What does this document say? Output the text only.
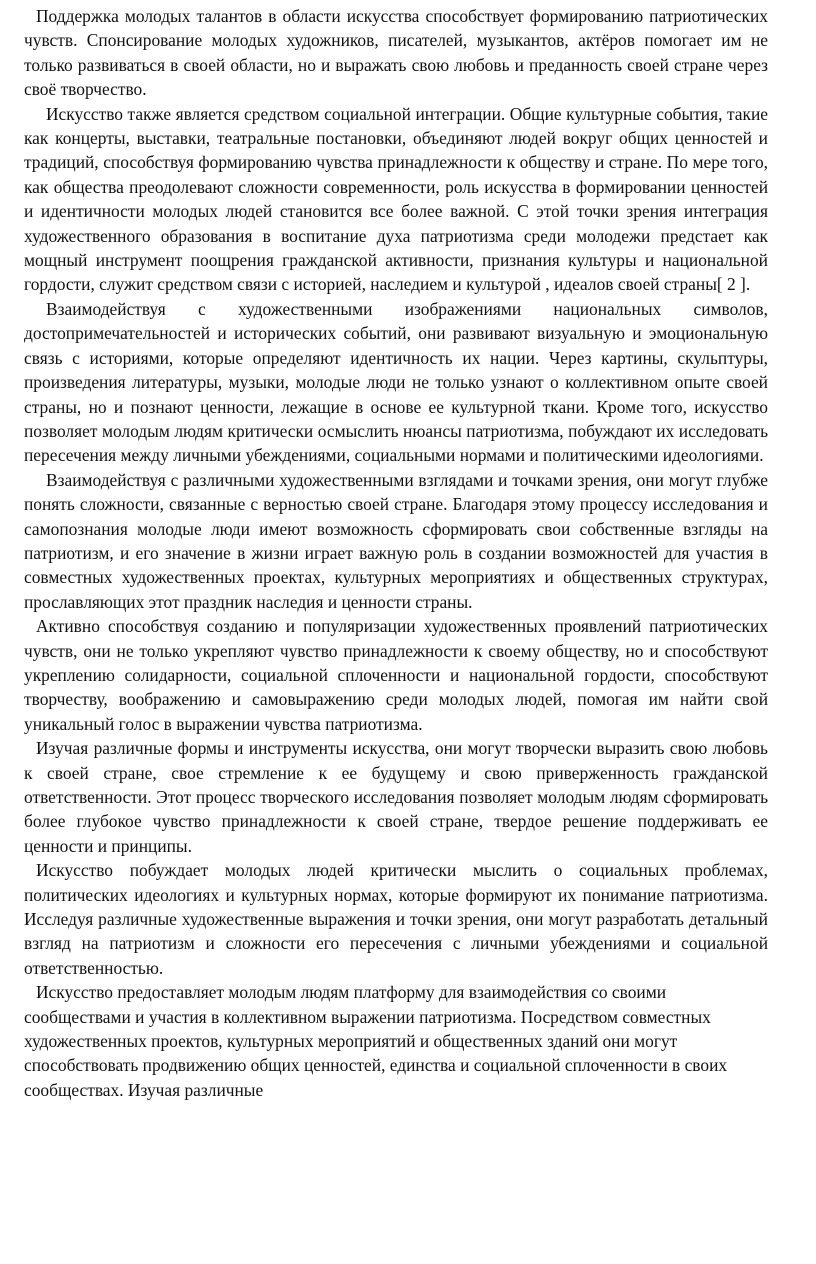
Поддержка молодых талантов в области искусства способствует формированию патриотических чувств. Спонсирование молодых художников, писателей, музыкантов, актёров помогает им не только развиваться в своей области, но и выражать свою любовь и преданность своей стране через своё творчество.

Искусство также является средством социальной интеграции. Общие культурные события, такие как концерты, выставки, театральные постановки, объединяют людей вокруг общих ценностей и традиций, способствуя формированию чувства принадлежности к обществу и стране. По мере того, как общества преодолевают сложности современности, роль искусства в формировании ценностей и идентичности молодых людей становится все более важной. С этой точки зрения интеграция художественного образования в воспитание духа патриотизма среди молодежи предстает как мощный инструмент поощрения гражданской активности, признания культуры и национальной гордости, служит средством связи с историей, наследием и культурой , идеалов своей страны[ 2 ].

Взаимодействуя с художественными изображениями национальных символов, достопримечательностей и исторических событий, они развивают визуальную и эмоциональную связь с историями, которые определяют идентичность их нации. Через картины, скульптуры, произведения литературы, музыки, молодые люди не только узнают о коллективном опыте своей страны, но и познают ценности, лежащие в основе ее культурной ткани. Кроме того, искусство позволяет молодым людям критически осмыслить нюансы патриотизма, побуждают их исследовать пересечения между личными убеждениями, социальными нормами и политическими идеологиями.

Взаимодействуя с различными художественными взглядами и точками зрения, они могут глубже понять сложности, связанные с верностью своей стране. Благодаря этому процессу исследования и самопознания молодые люди имеют возможность сформировать свои собственные взгляды на патриотизм, и его значение в жизни играет важную роль в создании возможностей для участия в совместных художественных проектах, культурных мероприятиях и общественных структурах, прославляющих этот праздник наследия и ценности страны.

Активно способствуя созданию и популяризации художественных проявлений патриотических чувств, они не только укрепляют чувство принадлежности к своему обществу, но и способствуют укреплению солидарности, социальной сплоченности и национальной гордости, способствуют творчеству, воображению и самовыражению среди молодых людей, помогая им найти свой уникальный голос в выражении чувства патриотизма.

Изучая различные формы и инструменты искусства, они могут творчески выразить свою любовь к своей стране, свое стремление к ее будущему и свою приверженность гражданской ответственности. Этот процесс творческого исследования позволяет молодым людям сформировать более глубокое чувство принадлежности к своей стране, твердое решение поддерживать ее ценности и принципы.

Искусство побуждает молодых людей критически мыслить о социальных проблемах, политических идеологиях и культурных нормах, которые формируют их понимание патриотизма. Исследуя различные художественные выражения и точки зрения, они могут разработать детальный взгляд на патриотизм и сложности его пересечения с личными убеждениями и социальной ответственностью.

Искусство предоставляет молодым людям платформу для взаимодействия со своими сообществами и участия в коллективном выражении патриотизма. Посредством совместных художественных проектов, культурных мероприятий и общественных зданий они могут способствовать продвижению общих ценностей, единства и социальной сплоченности в своих сообществах. Изучая различные
